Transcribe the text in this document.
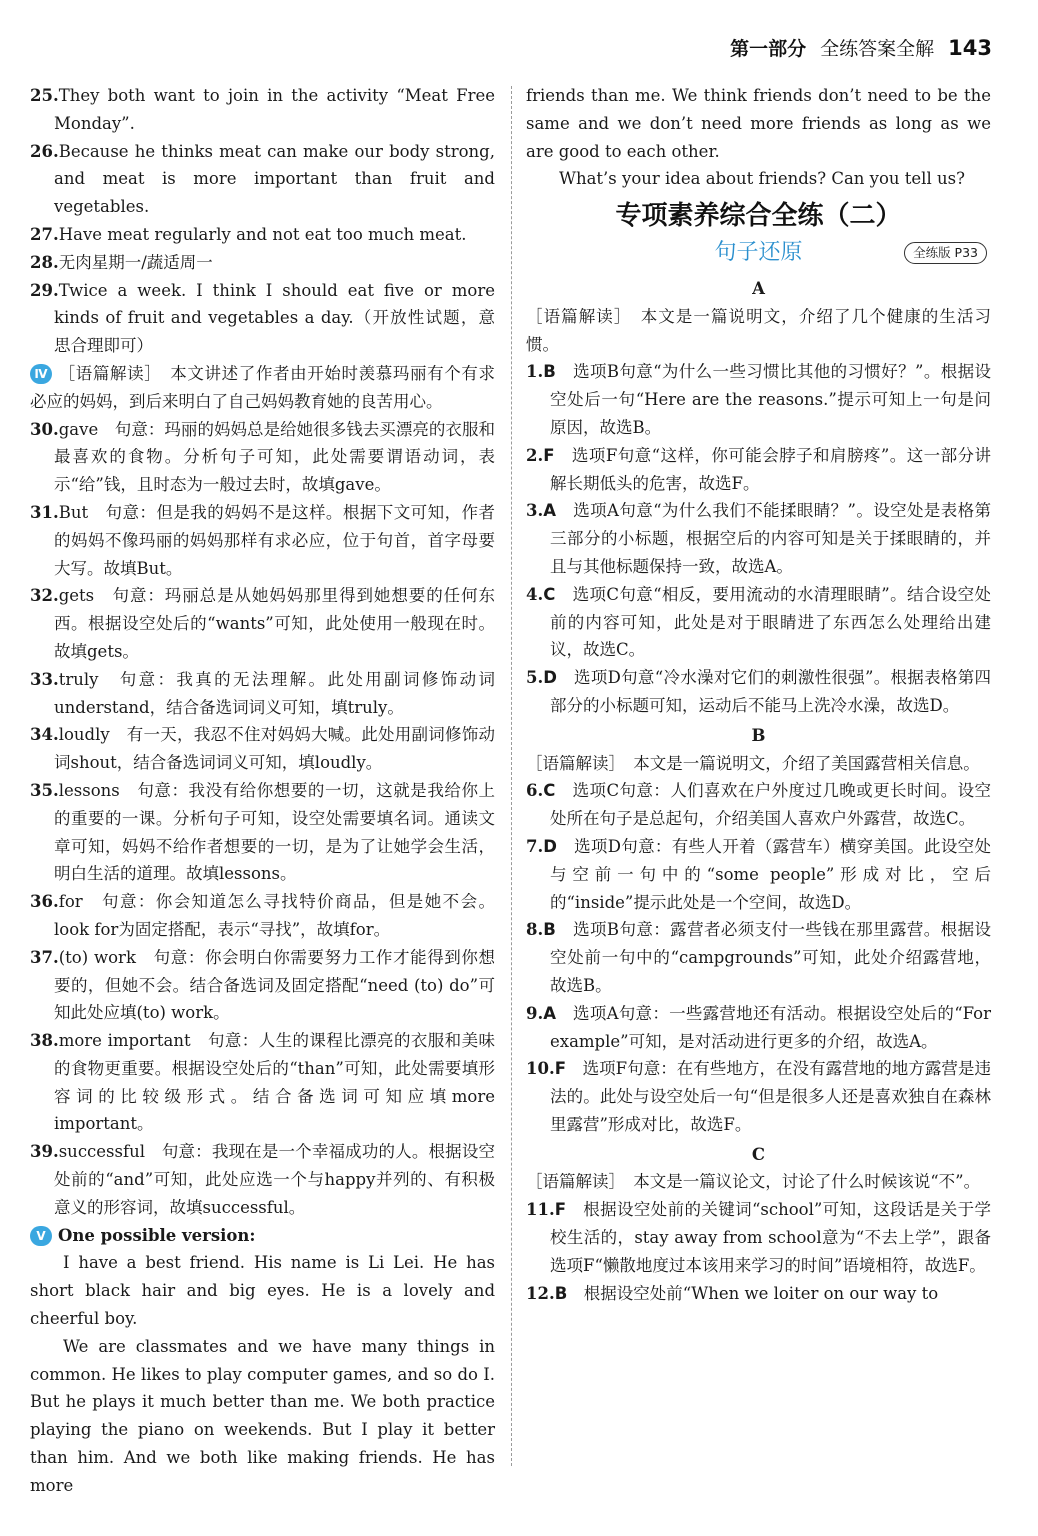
第一部分 全练答案全解 143

25.They both want to join in the activity “Meat Free Monday”.

26.Because he thinks meat can make our body strong, and meat is more important than fruit and vegetables.

27.Have meat regularly and not eat too much meat.

28.无肉星期一/蔬适周一

29.Twice a week. I think I should eat five or more kinds of fruit and vegetables a day.（开放性试题，意思合理即可）

Ⅳ ［语篇解读］　本文讲述了作者由开始时羡慕玛丽有个有求必应的妈妈，到后来明白了自己妈妈教育她的良苦用心。

30.gave　句意：玛丽的妈妈总是给她很多钱去买漂亮的衣服和最喜欢的食物。分析句子可知，此处需要谓语动词，表示“给”钱，且时态为一般过去时，故填gave。

31.But　句意：但是我的妈妈不是这样。根据下文可知，作者的妈妈不像玛丽的妈妈那样有求必应，位于句首，首字母要大写。故填But。

32.gets　句意：玛丽总是从她妈妈那里得到她想要的任何东西。根据设空处后的“wants”可知，此处使用一般现在时。故填gets。

33.truly　句意：我真的无法理解。此处用副词修饰动词understand，结合备选词词义可知，填truly。

34.loudly　有一天，我忍不住对妈妈大喊。此处用副词修饰动词shout，结合备选词词义可知，填loudly。

35.lessons　句意：我没有给你想要的一切，这就是我给你上的重要的一课。分析句子可知，设空处需要填名词。通读文章可知，妈妈不给作者想要的一切，是为了让她学会生活，明白生活的道理。故填lessons。

36.for　句意：你会知道怎么寻找特价商品，但是她不会。look for为固定搭配，表示“寻找”，故填for。

37.(to) work　句意：你会明白你需要努力工作才能得到你想要的，但她不会。结合备选词及固定搭配“need (to) do”可知此处应填(to) work。

38.more important　句意：人生的课程比漂亮的衣服和美味的食物更重要。根据设空处后的“than”可知，此处需要填形容词的比较级形式。结合备选词可知应填more important。

39.successful　句意：我现在是一个幸福成功的人。根据设空处前的“and”可知，此处应选一个与happy并列的、有积极意义的形容词，故填successful。

Ⅴ One possible version:

I have a best friend. His name is Li Lei. He has short black hair and big eyes. He is a lovely and cheerful boy.

We are classmates and we have many things in common. He likes to play computer games, and so do I. But he plays it much better than me. We both practice playing the piano on weekends. But I play it better than him. And we both like making friends. He has more

friends than me. We think friends don’t need to be the same and we don’t need more friends as long as we are good to each other.

What’s your idea about friends? Can you tell us?

专项素养综合全练（二）
句子还原	全练版 P33

A

［语篇解读］　本文是一篇说明文，介绍了几个健康的生活习惯。

1.B　选项B句意“为什么一些习惯比其他的习惯好？”。根据设空处后一句“Here are the reasons.”提示可知上一句是问原因，故选B。

2.F　选项F句意“这样，你可能会脖子和肩膀疼”。这一部分讲解长期低头的危害，故选F。

3.A　选项A句意“为什么我们不能揉眼睛？”。设空处是表格第三部分的小标题，根据空后的内容可知是关于揉眼睛的，并且与其他标题保持一致，故选A。

4.C　选项C句意“相反，要用流动的水清理眼睛”。结合设空处前的内容可知，此处是对于眼睛进了东西怎么处理给出建议，故选C。

5.D　选项D句意“冷水澡对它们的刺激性很强”。根据表格第四部分的小标题可知，运动后不能马上洗冷水澡，故选D。

B

［语篇解读］　本文是一篇说明文，介绍了美国露营相关信息。

6.C　选项C句意：人们喜欢在户外度过几晚或更长时间。设空处所在句子是总起句，介绍美国人喜欢户外露营，故选C。

7.D　选项D句意：有些人开着（露营车）横穿美国。此设空处与空前一句中的“some people”形成对比，空后的“inside”提示此处是一个空间，故选D。

8.B　选项B句意：露营者必须支付一些钱在那里露营。根据设空处前一句中的“campgrounds”可知，此处介绍露营地，故选B。

9.A　选项A句意：一些露营地还有活动。根据设空处后的“For example”可知，是对活动进行更多的介绍，故选A。

10.F　选项F句意：在有些地方，在没有露营地的地方露营是违法的。此处与设空处后一句“但是很多人还是喜欢独自在森林里露营”形成对比，故选F。

C

［语篇解读］　本文是一篇议论文，讨论了什么时候该说“不”。

11.F　根据设空处前的关键词“school”可知，这段话是关于学校生活的，stay away from school意为“不去上学”，跟备选项F“懒散地度过本该用来学习的时间”语境相符，故选F。

12.B　根据设空处前“When we loiter on our way to
